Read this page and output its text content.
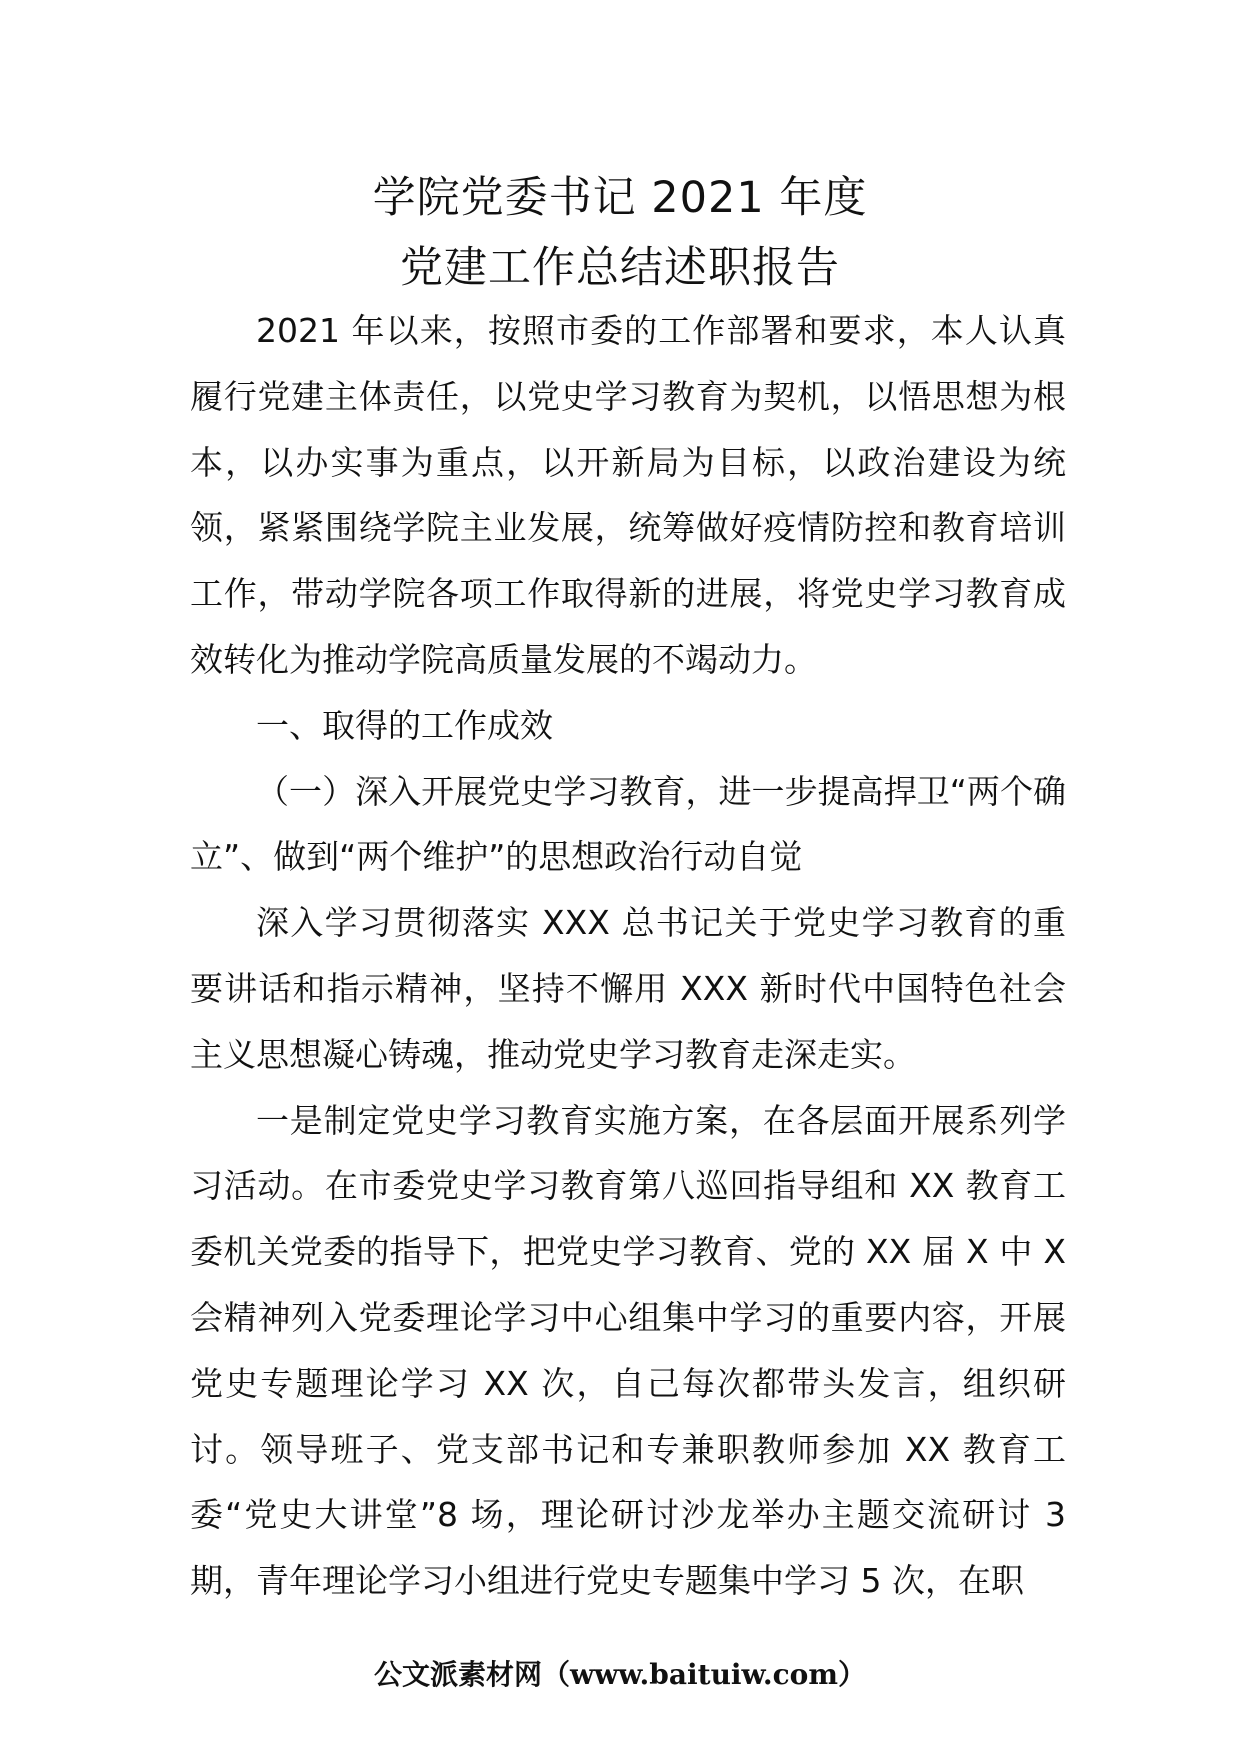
学院党委书记 2021 年度
党建工作总结述职报告

2021 年以来，按照市委的工作部署和要求，本人认真履行党建主体责任，以党史学习教育为契机，以悟思想为根本，以办实事为重点，以开新局为目标，以政治建设为统领，紧紧围绕学院主业发展，统筹做好疫情防控和教育培训工作，带动学院各项工作取得新的进展，将党史学习教育成效转化为推动学院高质量发展的不竭动力。

一、取得的工作成效

（一）深入开展党史学习教育，进一步提高捍卫“两个确立”、做到“两个维护”的思想政治行动自觉

深入学习贯彻落实 XXX 总书记关于党史学习教育的重要讲话和指示精神，坚持不懈用 XXX 新时代中国特色社会主义思想凝心铸魂，推动党史学习教育走深走实。

一是制定党史学习教育实施方案，在各层面开展系列学习活动。在市委党史学习教育第八巡回指导组和 XX 教育工委机关党委的指导下，把党史学习教育、党的 XX 届 X 中 X 会精神列入党委理论学习中心组集中学习的重要内容，开展党史专题理论学习 XX 次，自己每次都带头发言，组织研讨。领导班子、党支部书记和专兼职教师参加 XX 教育工委“党史大讲堂”8 场，理论研讨沙龙举办主题交流研讨 3 期，青年理论学习小组进行党史专题集中学习 5 次，在职

公文派素材网（www.baituiw.com）
